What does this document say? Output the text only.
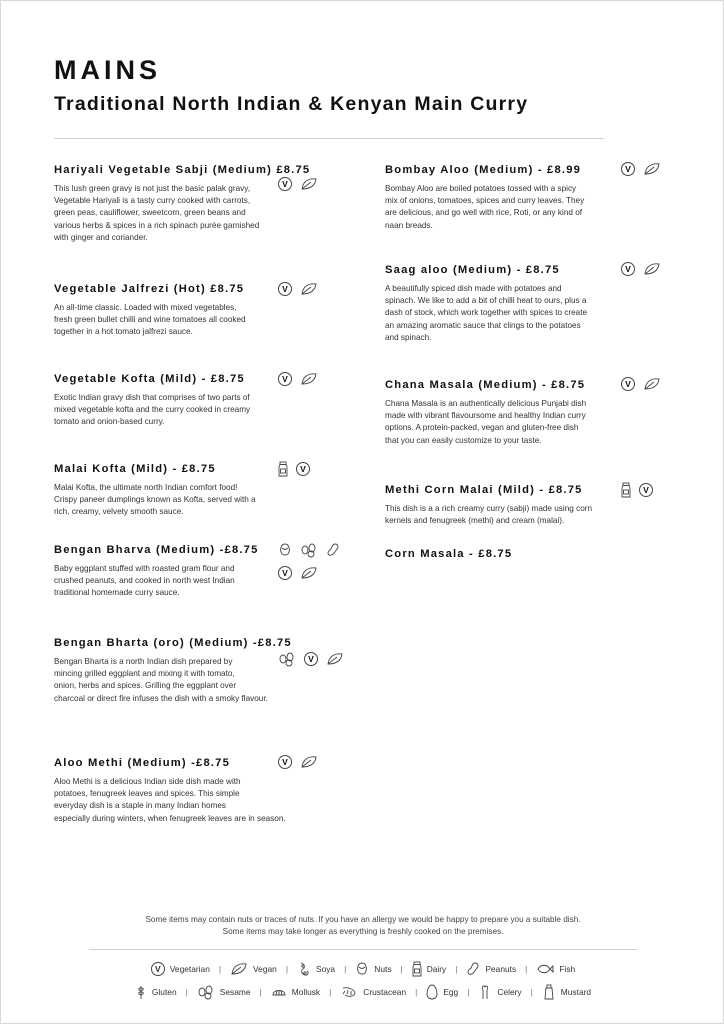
MAINS
Traditional North Indian & Kenyan Main Curry
Hariyali Vegetable Sabji (Medium) £8.75
This lush green gravy is not just the basic palak gravy,
Vegetable Hariyali is a tasty curry cooked with carrots,
green peas, cauliflower, sweetcorn, green beans and
various herbs & spices in a rich spinach purée garnished
with ginger and coriander.
V
Vegetable Jalfrezi (Hot) £8.75
An all-time classic. Loaded with mixed vegetables,
fresh green bullet chilli and wine tomatoes all cooked
together in a hot tomato jalfrezi sauce.
V
Vegetable Kofta (Mild) - £8.75
Exotic Indian gravy dish that comprises of two parts of
mixed vegetable kofta and the curry cooked in creamy
tomato and onion-based curry.
V
Malai Kofta (Mild) - £8.75
Malai Kofta, the ultimate north Indian comfort food!
Crispy paneer dumplings known as Kofta, served with a
rich, creamy, velvety smooth sauce.
V
Bengan Bharva (Medium) -£8.75
Baby eggplant stuffed with roasted gram flour and
crushed peanuts, and cooked in north west Indian
traditional homemade curry sauce.
V
Bengan Bharta (oro) (Medium) -£8.75
Bengan Bharta is a north Indian dish prepared by
mincing grilled eggplant and mixing it with tomato,
onion, herbs and spices. Grilling the eggplant over
charcoal or direct fire infuses the dish with a smoky flavour.
V
Aloo Methi (Medium) -£8.75
Aloo Methi is a delicious Indian side dish made with
potatoes, fenugreek leaves and spices. This simple
everyday dish is a staple in many Indian homes
especially during winters, when fenugreek leaves are in season.
V
Bombay Aloo (Medium) - £8.99
Bombay Aloo are boiled potatoes tossed with a spicy
mix of onions, tomatoes, spices and curry leaves. They
are delicious, and go well with rice, Roti, or any kind of
naan breads.
V
Saag aloo (Medium) - £8.75
A beautifully spiced dish made with potatoes and
spinach. We like to add a bit of chilli heat to ours, plus a
dash of stock, which work together with spices to create
an amazing aromatic sauce that clings to the potatoes
and spinach.
V
Chana Masala (Medium) - £8.75
Chana Masala is an authentically delicious Punjabi dish
made with vibrant flavoursome and healthy Indian curry
options. A protein-packed, vegan and gluten-free dish
that you can easily customize to your taste.
V
Methi Corn Malai (Mild) - £8.75
This dish is a a rich creamy curry (sabji) made using corn
kernels and fenugreek (methi) and cream (malai).
V
Corn Masala - £8.75
Some items may contain nuts or traces of nuts. If you have an allergy we would be happy to prepare you a suitable dish.
Some items may take longer as everything is freshly cooked on the premises.
V	Vegetarian |	Vegan |	Soya |	Nuts |	Dairy |	Peanuts |	Fish
Gluten |	Sesame |	Mollusk |	Crustacean |	Egg |	Celery |	Mustard
